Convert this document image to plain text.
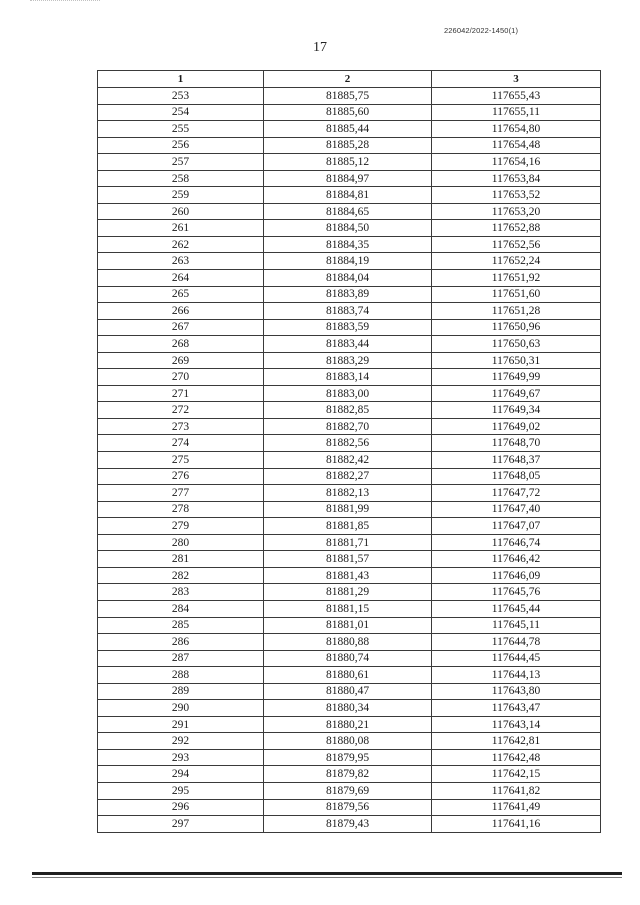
226042/2022-1450(1)
17
1	2	3
253	81885,75	117655,43
254	81885,60	117655,11
255	81885,44	117654,80
256	81885,28	117654,48
257	81885,12	117654,16
258	81884,97	117653,84
259	81884,81	117653,52
260	81884,65	117653,20
261	81884,50	117652,88
262	81884,35	117652,56
263	81884,19	117652,24
264	81884,04	117651,92
265	81883,89	117651,60
266	81883,74	117651,28
267	81883,59	117650,96
268	81883,44	117650,63
269	81883,29	117650,31
270	81883,14	117649,99
271	81883,00	117649,67
272	81882,85	117649,34
273	81882,70	117649,02
274	81882,56	117648,70
275	81882,42	117648,37
276	81882,27	117648,05
277	81882,13	117647,72
278	81881,99	117647,40
279	81881,85	117647,07
280	81881,71	117646,74
281	81881,57	117646,42
282	81881,43	117646,09
283	81881,29	117645,76
284	81881,15	117645,44
285	81881,01	117645,11
286	81880,88	117644,78
287	81880,74	117644,45
288	81880,61	117644,13
289	81880,47	117643,80
290	81880,34	117643,47
291	81880,21	117643,14
292	81880,08	117642,81
293	81879,95	117642,48
294	81879,82	117642,15
295	81879,69	117641,82
296	81879,56	117641,49
297	81879,43	117641,16
